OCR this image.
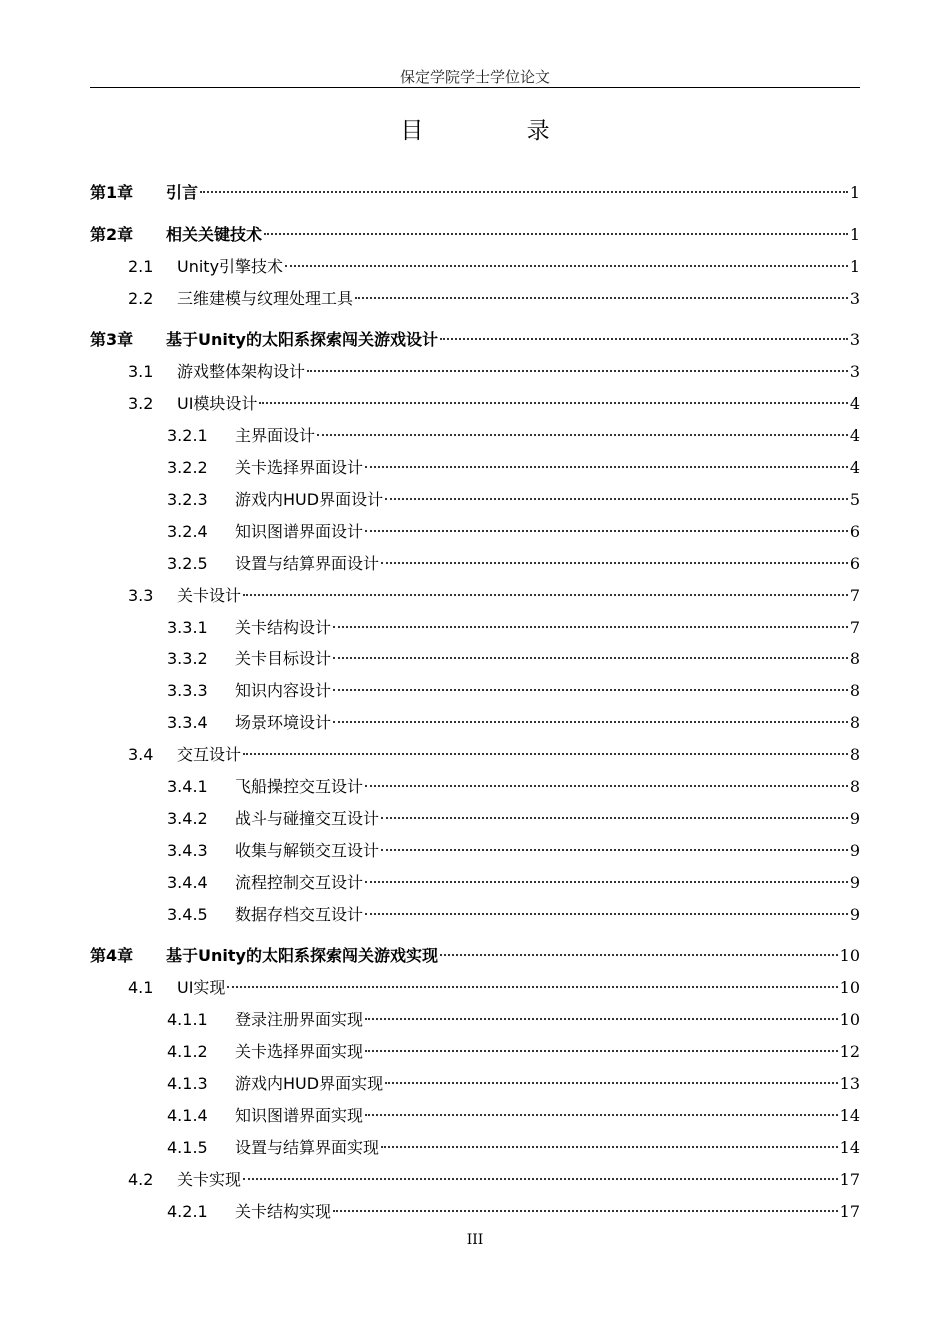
保定学院学士学位论文
目 录
第1章	引言	1
第2章	相关关键技术	1
2.1	Unity引擎技术	1
2.2	三维建模与纹理处理工具	3
第3章	基于Unity的太阳系探索闯关游戏设计	3
3.1	游戏整体架构设计	3
3.2	UI模块设计	4
3.2.1	主界面设计	4
3.2.2	关卡选择界面设计	4
3.2.3	游戏内HUD界面设计	5
3.2.4	知识图谱界面设计	6
3.2.5	设置与结算界面设计	6
3.3	关卡设计	7
3.3.1	关卡结构设计	7
3.3.2	关卡目标设计	8
3.3.3	知识内容设计	8
3.3.4	场景环境设计	8
3.4	交互设计	8
3.4.1	飞船操控交互设计	8
3.4.2	战斗与碰撞交互设计	9
3.4.3	收集与解锁交互设计	9
3.4.4	流程控制交互设计	9
3.4.5	数据存档交互设计	9
第4章	基于Unity的太阳系探索闯关游戏实现	10
4.1	UI实现	10
4.1.1	登录注册界面实现	10
4.1.2	关卡选择界面实现	12
4.1.3	游戏内HUD界面实现	13
4.1.4	知识图谱界面实现	14
4.1.5	设置与结算界面实现	14
4.2	关卡实现	17
4.2.1	关卡结构实现	17
III
